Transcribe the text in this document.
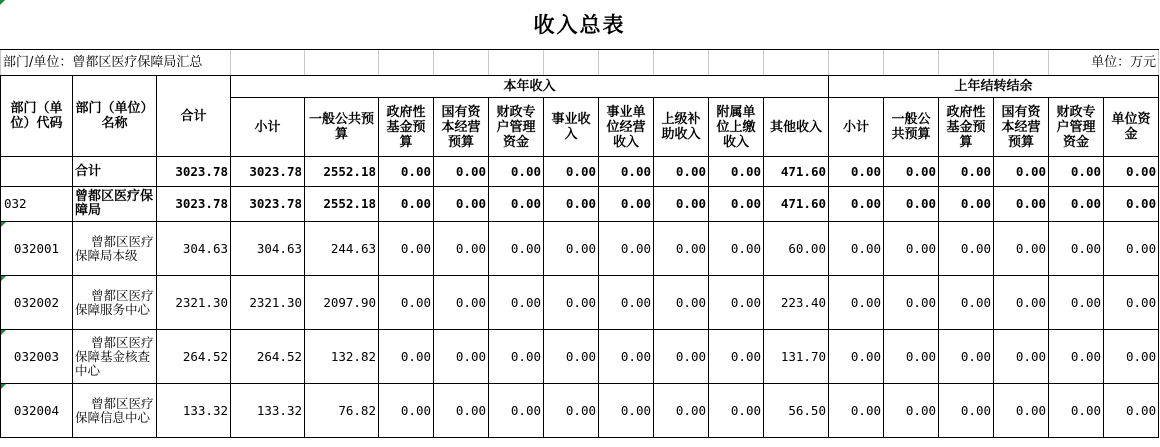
收入总表																		
部门/单位：曾都区医疗保障局汇总																	单位：万元	
部门（单位）代码	部门（单位）名称	合计	本年收入										上年结转结余					
			小计	一般公共预算	政府性基金预算	国有资本经营预算	财政专户管理资金	事业收入	事业单位经营收入	上级补助收入	附属单位上缴收入	其他收入	小计	一般公共预算	政府性基金预算	国有资本经营预算	财政专户管理资金	单位资金
	合计	3023.78	3023.78	2552.18	0.00	0.00	0.00	0.00	0.00	0.00	0.00	471.60	0.00	0.00	0.00	0.00	0.00	0.00

032	曾都区医疗保障局	3023.78	3023.78	2552.18	0.00	0.00	0.00	0.00	0.00	0.00	0.00	471.60	0.00	0.00	0.00	0.00	0.00	0.00

032001	曾都区医疗保障局本级	304.63	304.63	244.63	0.00	0.00	0.00	0.00	0.00	0.00	0.00	60.00	0.00	0.00	0.00	0.00	0.00	0.00

032002	曾都区医疗保障服务中心	2321.30	2321.30	2097.90	0.00	0.00	0.00	0.00	0.00	0.00	0.00	223.40	0.00	0.00	0.00	0.00	0.00	0.00

032003	曾都区医疗保障基金核查中心	264.52	264.52	132.82	0.00	0.00	0.00	0.00	0.00	0.00	0.00	131.70	0.00	0.00	0.00	0.00	0.00	0.00

032004	曾都区医疗保障信息中心	133.32	133.32	76.82	0.00	0.00	0.00	0.00	0.00	0.00	0.00	56.50	0.00	0.00	0.00	0.00	0.00	0.00
